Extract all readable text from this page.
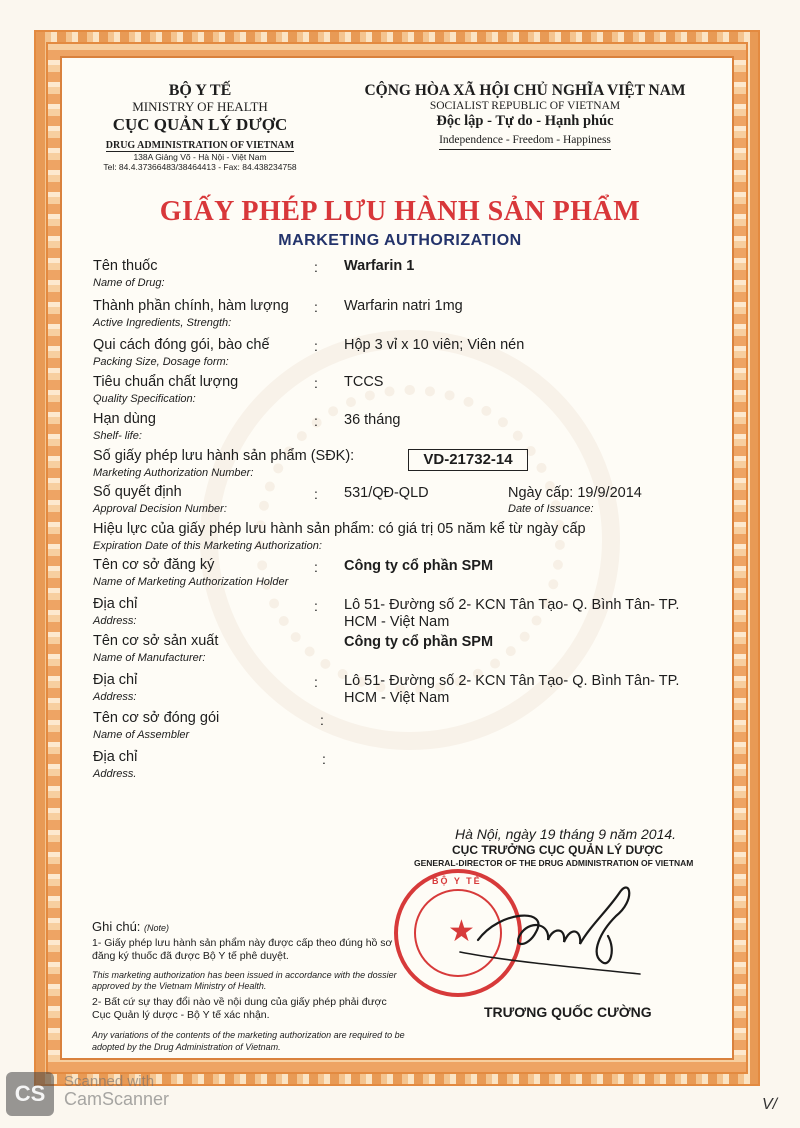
BỘ Y TẾ
MINISTRY OF HEALTH
CỤC QUẢN LÝ DƯỢC
DRUG ADMINISTRATION OF VIETNAM
138A Giảng Võ - Hà Nội - Việt Nam
Tel: 84.4.37366483/38464413 - Fax: 84.438234758
CỘNG HÒA XÃ HỘI CHỦ NGHĨA VIỆT NAM
SOCIALIST REPUBLIC OF VIETNAM
Độc lập - Tự do - Hạnh phúc
Independence - Freedom - Happiness
GIẤY PHÉP LƯU HÀNH SẢN PHẨM
MARKETING AUTHORIZATION
Tên thuốc
Name of Drug:
: Warfarin 1
Thành phần chính, hàm lượng
Active Ingredients, Strength:
: Warfarin natri 1mg
Qui cách đóng gói, bào chế
Packing Size, Dosage form:
: Hộp 3 vỉ x 10 viên; Viên nén
Tiêu chuẩn chất lượng
Quality Specification:
: TCCS
Hạn dùng
Shelf- life:
: 36 tháng
Số giấy phép lưu hành sản phẩm (SĐK):
Marketing Authorization Number:
VD-21732-14
Số quyết định
Approval Decision Number:
: 531/QĐ-QLD	Ngày cấp: 19/9/2014
Date of Issuance:
Hiệu lực của giấy phép lưu hành sản phẩm: có giá trị 05 năm kể từ ngày cấp
Expiration Date of this Marketing Authorization:
Tên cơ sở đăng ký
Name of Marketing Authorization Holder
: Công ty cổ phần SPM
Địa chỉ
Address:
: Lô 51- Đường số 2- KCN Tân Tạo- Q. Bình Tân- TP.
HCM - Việt Nam
Tên cơ sở sản xuất
Name of Manufacturer:
Công ty cổ phần SPM
Địa chỉ
Address:
: Lô 51- Đường số 2- KCN Tân Tạo- Q. Bình Tân- TP.
HCM - Việt Nam
Tên cơ sở đóng gói
Name of Assembler
:
Địa chỉ
Address.
:
Hà Nội, ngày 19 tháng 9 năm 2014.
CỤC TRƯỞNG CỤC QUẢN LÝ DƯỢC
GENERAL-DIRECTOR OF THE DRUG ADMINISTRATION OF VIETNAM
BỘ Y TẾ
★
TRƯƠNG QUỐC CƯỜNG
Ghi chú: (Note)
1- Giấy phép lưu hành sản phẩm này được cấp theo đúng hồ sơ
đăng ký thuốc đã được Bộ Y tế phê duyệt.
This marketing authorization has been issued in accordance with the dossier
approved by the Vietnam Ministry of Health.
2- Bất cứ sự thay đổi nào về nội dung của giấy phép phải được
Cục Quản lý dược - Bộ Y tế xác nhận.
Any variations of the contents of the marketing authorization are required to be
adopted by the Drug Administration of Vietnam.
CS	Scanned with
CamScanner	V/
